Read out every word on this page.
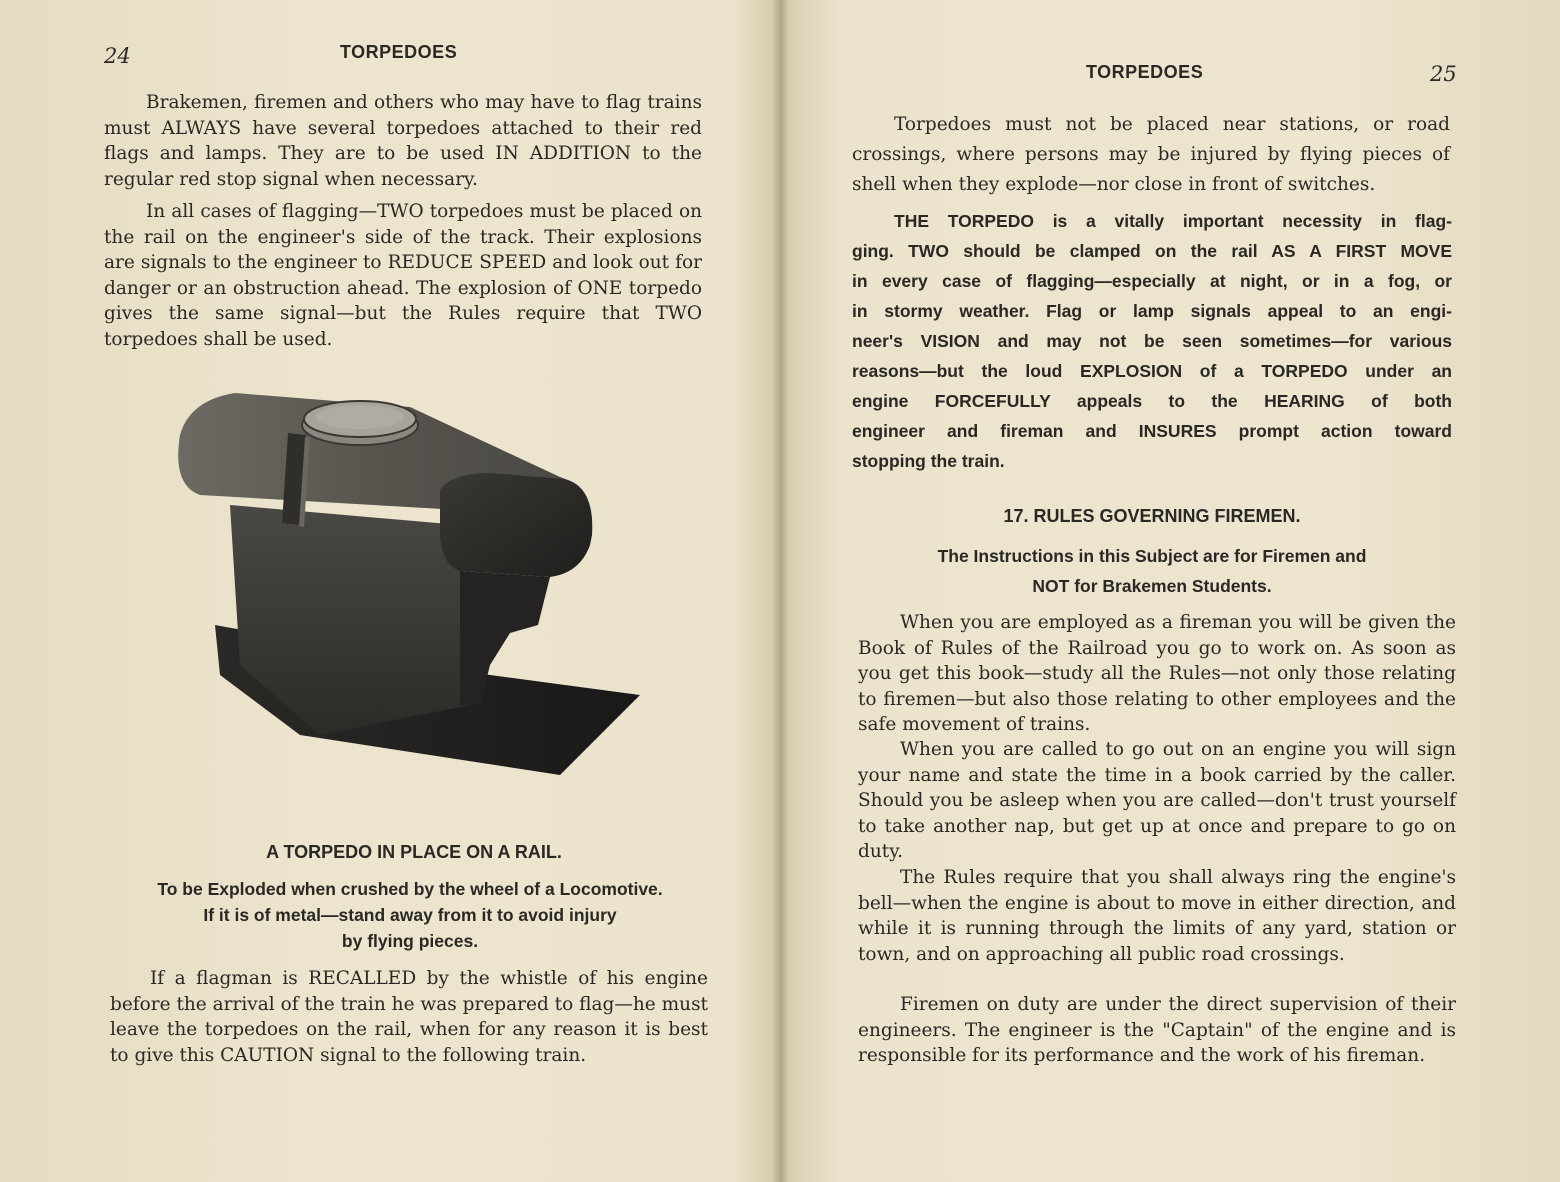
24	TORPEDOES

Brakemen, firemen and others who may have to flag trains must ALWAYS have several torpedoes attached to their red flags and lamps. They are to be used IN ADDITION to the regular red stop signal when necessary.

In all cases of flagging—TWO torpedoes must be placed on the rail on the engineer's side of the track. Their explosions are signals to the engineer to REDUCE SPEED and look out for danger or an obstruction ahead. The explosion of ONE torpedo gives the same signal—but the Rules require that TWO torpedoes shall be used.

A TORPEDO IN PLACE ON A RAIL.
To be Exploded when crushed by the wheel of a Locomotive.
If it is of metal—stand away from it to avoid injury
by flying pieces.

If a flagman is RECALLED by the whistle of his engine before the arrival of the train he was prepared to flag—he must leave the torpedoes on the rail, when for any reason it is best to give this CAUTION signal to the following train.

TORPEDOES	25

Torpedoes must not be placed near stations, or road crossings, where persons may be injured by flying pieces of shell when they explode—nor close in front of switches.

THE TORPEDO is a vitally important necessity in flag-
ging. TWO should be clamped on the rail AS A FIRST MOVE
in every case of flagging—especially at night, or in a fog, or
in stormy weather. Flag or lamp signals appeal to an engi-
neer's VISION and may not be seen sometimes—for various
reasons—but the loud EXPLOSION of a TORPEDO under an
engine FORCEFULLY appeals to the HEARING of both
engineer and fireman and INSURES prompt action toward
stopping the train.
17. RULES GOVERNING FIREMEN.
The Instructions in this Subject are for Firemen and
NOT for Brakemen Students.

When you are employed as a fireman you will be given the Book of Rules of the Railroad you go to work on. As soon as you get this book—study all the Rules—not only those relating to firemen—but also those relating to other employees and the safe movement of trains.

When you are called to go out on an engine you will sign your name and state the time in a book carried by the caller. Should you be asleep when you are called—don't trust yourself to take another nap, but get up at once and prepare to go on duty.

The Rules require that you shall always ring the engine's bell—when the engine is about to move in either direction, and while it is running through the limits of any yard, station or town, and on approaching all public road crossings.

Firemen on duty are under the direct supervision of their engineers. The engineer is the "Captain" of the engine and is responsible for its performance and the work of his fireman.
